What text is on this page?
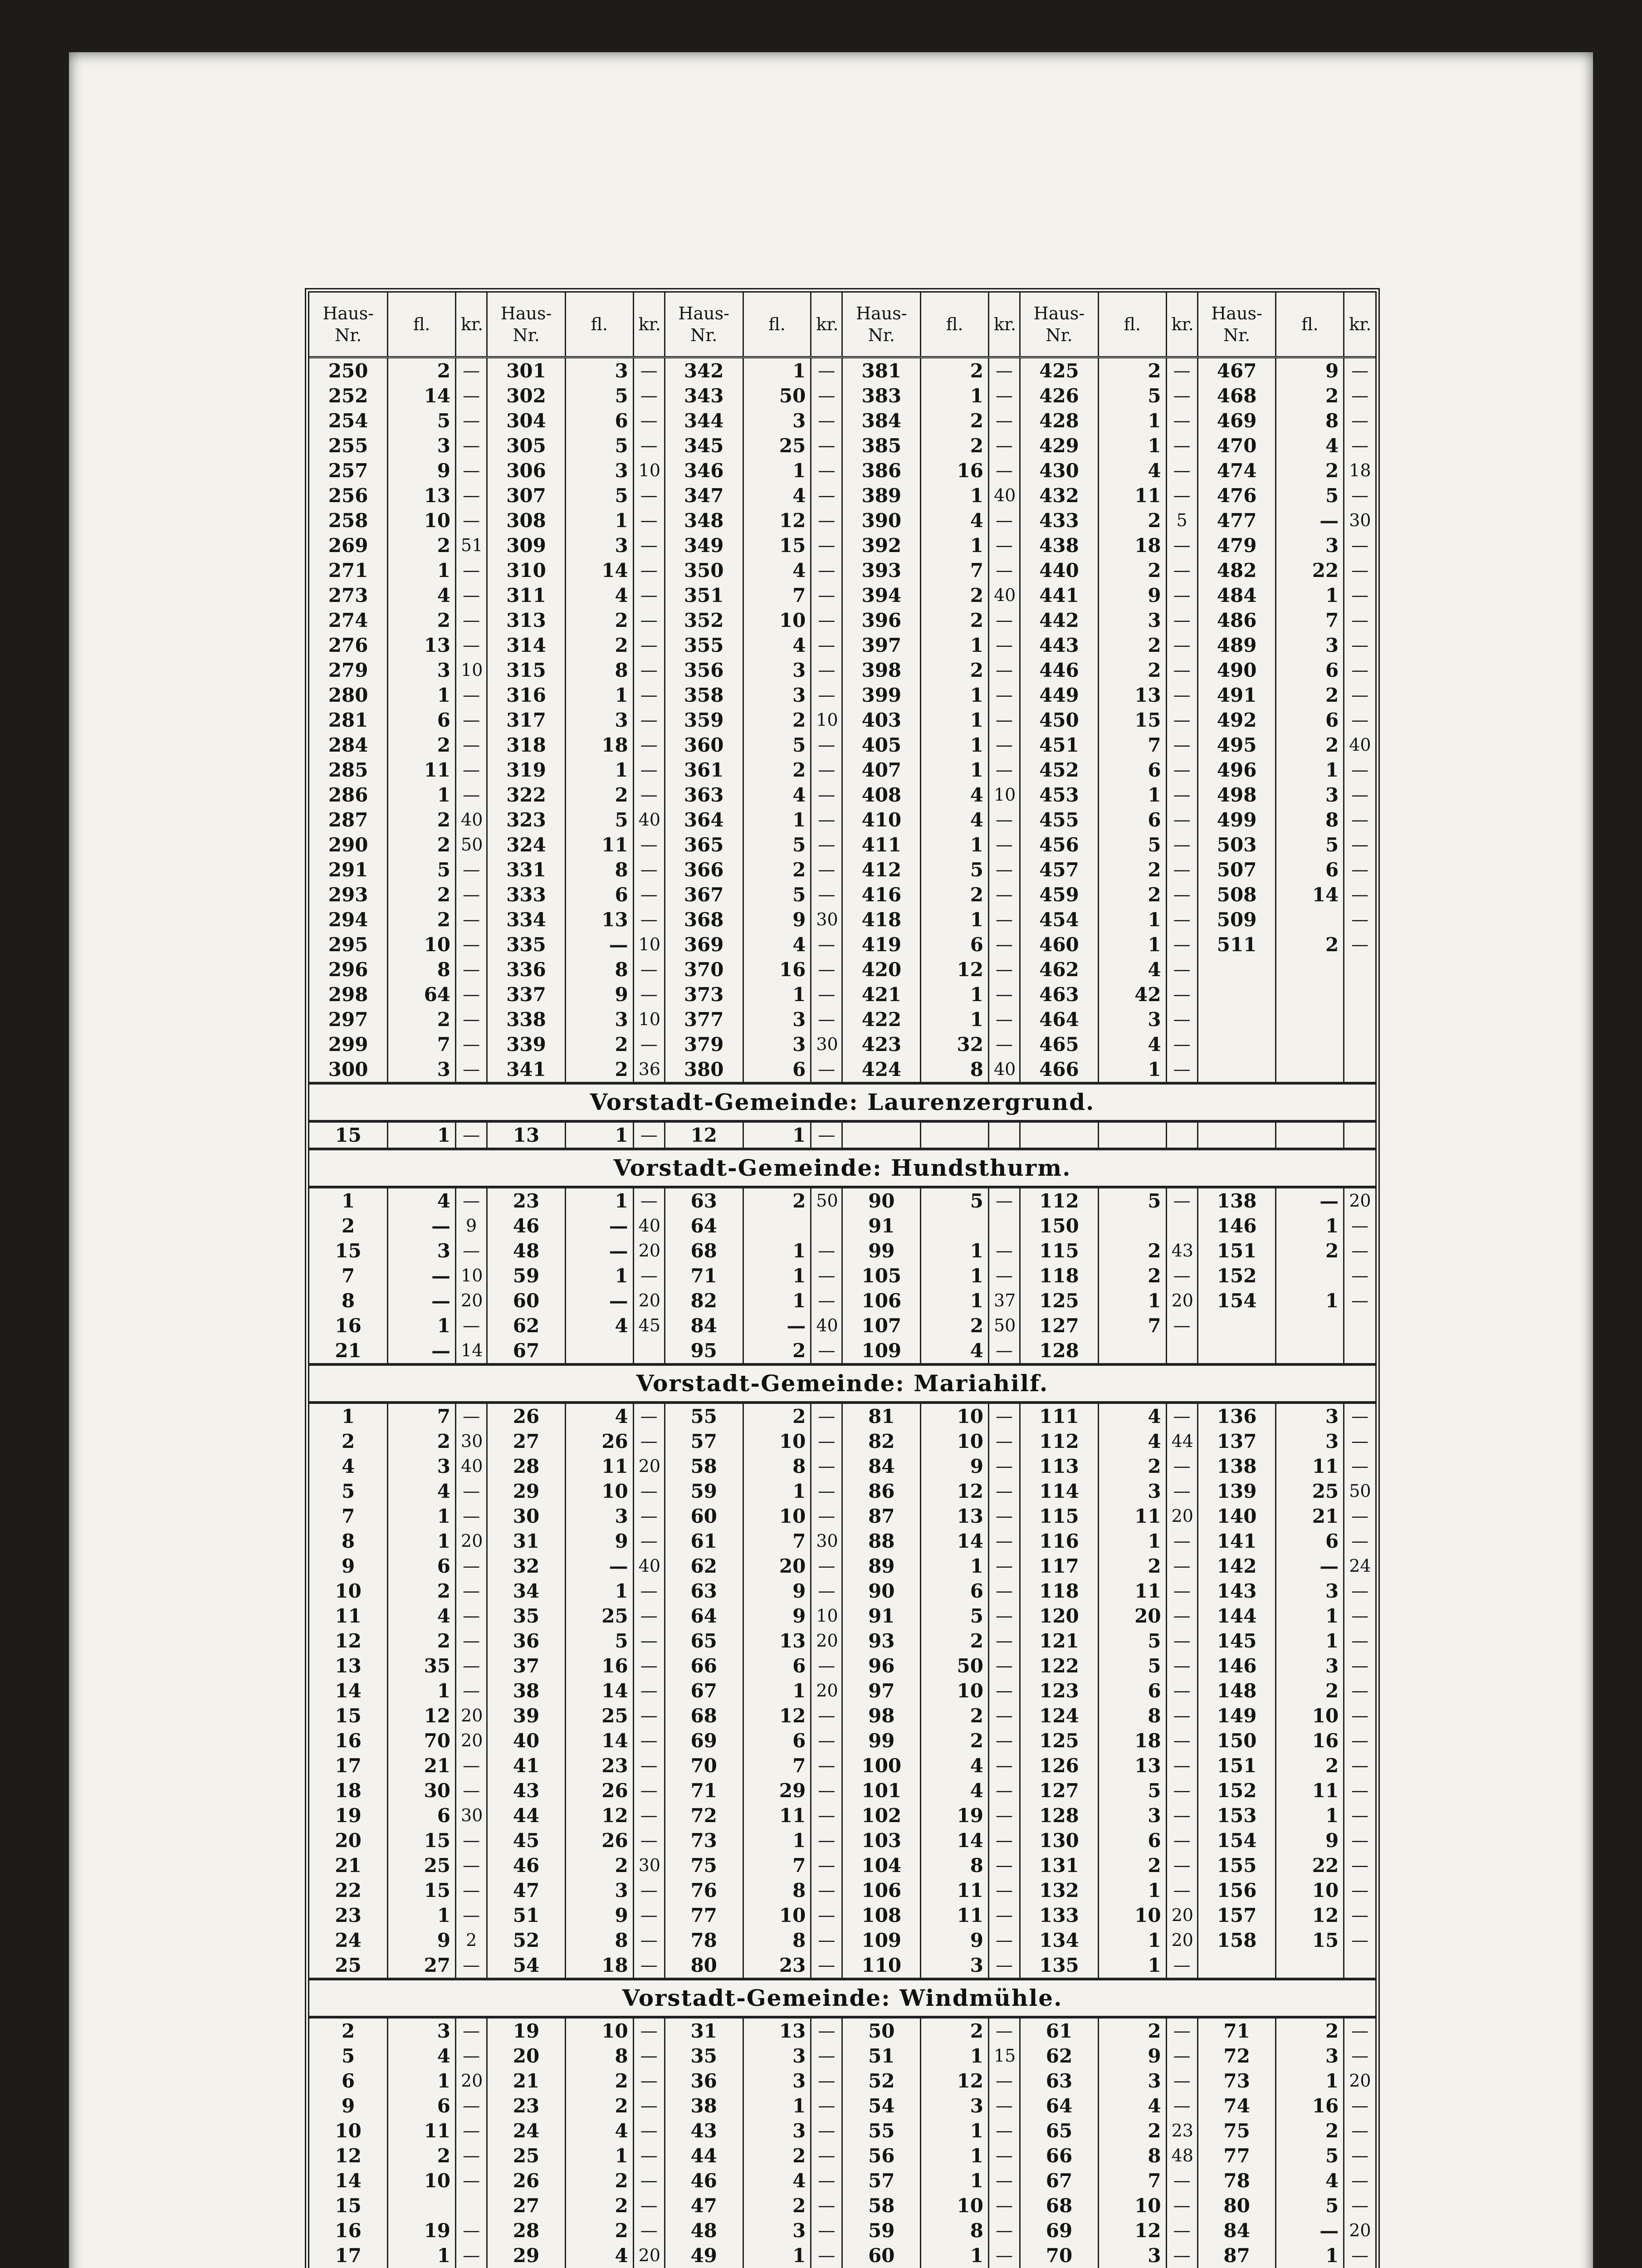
Haus-Nr.	fl.	kr.	Haus-Nr.	fl.	kr.	Haus-Nr.	fl.	kr.	Haus-Nr.	fl.	kr.	Haus-Nr.	fl.	kr.	Haus-Nr.	fl.	kr.
250	2	—	301	3	—	342	1	—	381	2	—	425	2	—	467	9	—
252	14	—	302	5	—	343	50	—	383	1	—	426	5	—	468	2	—
254	5	—	304	6	—	344	3	—	384	2	—	428	1	—	469	8	—
255	3	—	305	5	—	345	25	—	385	2	—	429	1	—	470	4	—
257	9	—	306	3	10	346	1	—	386	16	—	430	4	—	474	2	18
256	13	—	307	5	—	347	4	—	389	1	40	432	11	—	476	5	—
258	10	—	308	1	—	348	12	—	390	4	—	433	2	5	477	—	30
269	2	51	309	3	—	349	15	—	392	1	—	438	18	—	479	3	—
271	1	—	310	14	—	350	4	—	393	7	—	440	2	—	482	22	—
273	4	—	311	4	—	351	7	—	394	2	40	441	9	—	484	1	—
274	2	—	313	2	—	352	10	—	396	2	—	442	3	—	486	7	—
276	13	—	314	2	—	355	4	—	397	1	—	443	2	—	489	3	—
279	3	10	315	8	—	356	3	—	398	2	—	446	2	—	490	6	—
280	1	—	316	1	—	358	3	—	399	1	—	449	13	—	491	2	—
281	6	—	317	3	—	359	2	10	403	1	—	450	15	—	492	6	—
284	2	—	318	18	—	360	5	—	405	1	—	451	7	—	495	2	40
285	11	—	319	1	—	361	2	—	407	1	—	452	6	—	496	1	—
286	1	—	322	2	—	363	4	—	408	4	10	453	1	—	498	3	—
287	2	40	323	5	40	364	1	—	410	4	—	455	6	—	499	8	—
290	2	50	324	11	—	365	5	—	411	1	—	456	5	—	503	5	—
291	5	—	331	8	—	366	2	—	412	5	—	457	2	—	507	6	—
293	2	—	333	6	—	367	5	—	416	2	—	459	2	—	508	14	—
294	2	—	334	13	—	368	9	30	418	1	—	454	1	—	509		—
295	10	—	335	—	10	369	4	—	419	6	—	460	1	—	511	2	—
296	8	—	336	8	—	370	16	—	420	12	—	462	4	—			
298	64	—	337	9	—	373	1	—	421	1	—	463	42	—			
297	2	—	338	3	10	377	3	—	422	1	—	464	3	—			
299	7	—	339	2	—	379	3	30	423	32	—	465	4	—			
300	3	—	341	2	36	380	6	—	424	8	40	466	1	—			
Vorstadt-Gemeinde: Laurenzergrund.
15	1	—	13	1	—	12	1	—									
Vorstadt-Gemeinde: Hundsthurm.
1	4	—	23	1	—	63	2	50	90	5	—	112	5	—	138	—	20
2	—	9	46	—	40	64			91			150			146	1	—
15	3	—	48	—	20	68	1	—	99	1	—	115	2	43	151	2	—
7	—	10	59	1	—	71	1	—	105	1	—	118	2	—	152		—
8	—	20	60	—	20	82	1	—	106	1	37	125	1	20	154	1	—
16	1	—	62	4	45	84	—	40	107	2	50	127	7	—			
21	—	14	67			95	2	—	109	4	—	128					
Vorstadt-Gemeinde: Mariahilf.
1	7	—	26	4	—	55	2	—	81	10	—	111	4	—	136	3	—
2	2	30	27	26	—	57	10	—	82	10	—	112	4	44	137	3	—
4	3	40	28	11	20	58	8	—	84	9	—	113	2	—	138	11	—
5	4	—	29	10	—	59	1	—	86	12	—	114	3	—	139	25	50
7	1	—	30	3	—	60	10	—	87	13	—	115	11	20	140	21	—
8	1	20	31	9	—	61	7	30	88	14	—	116	1	—	141	6	—
9	6	—	32	—	40	62	20	—	89	1	—	117	2	—	142	—	24
10	2	—	34	1	—	63	9	—	90	6	—	118	11	—	143	3	—
11	4	—	35	25	—	64	9	10	91	5	—	120	20	—	144	1	—
12	2	—	36	5	—	65	13	20	93	2	—	121	5	—	145	1	—
13	35	—	37	16	—	66	6	—	96	50	—	122	5	—	146	3	—
14	1	—	38	14	—	67	1	20	97	10	—	123	6	—	148	2	—
15	12	20	39	25	—	68	12	—	98	2	—	124	8	—	149	10	—
16	70	20	40	14	—	69	6	—	99	2	—	125	18	—	150	16	—
17	21	—	41	23	—	70	7	—	100	4	—	126	13	—	151	2	—
18	30	—	43	26	—	71	29	—	101	4	—	127	5	—	152	11	—
19	6	30	44	12	—	72	11	—	102	19	—	128	3	—	153	1	—
20	15	—	45	26	—	73	1	—	103	14	—	130	6	—	154	9	—
21	25	—	46	2	30	75	7	—	104	8	—	131	2	—	155	22	—
22	15	—	47	3	—	76	8	—	106	11	—	132	1	—	156	10	—
23	1	—	51	9	—	77	10	—	108	11	—	133	10	20	157	12	—
24	9	2	52	8	—	78	8	—	109	9	—	134	1	20	158	15	—
25	27	—	54	18	—	80	23	—	110	3	—	135	1	—			
Vorstadt-Gemeinde: Windmühle.
2	3	—	19	10	—	31	13	—	50	2	—	61	2	—	71	2	—
5	4	—	20	8	—	35	3	—	51	1	15	62	9	—	72	3	—
6	1	20	21	2	—	36	3	—	52	12	—	63	3	—	73	1	20
9	6	—	23	2	—	38	1	—	54	3	—	64	4	—	74	16	—
10	11	—	24	4	—	43	3	—	55	1	—	65	2	23	75	2	—
12	2	—	25	1	—	44	2	—	56	1	—	66	8	48	77	5	—
14	10	—	26	2	—	46	4	—	57	1	—	67	7	—	78	4	—
15			27	2	—	47	2	—	58	10	—	68	10	—	80	5	—
16	19	—	28	2	—	48	3	—	59	8	—	69	12	—	84	—	20
17	1	—	29	4	20	49	1	—	60	1	—	70	3	—	87	1	—
